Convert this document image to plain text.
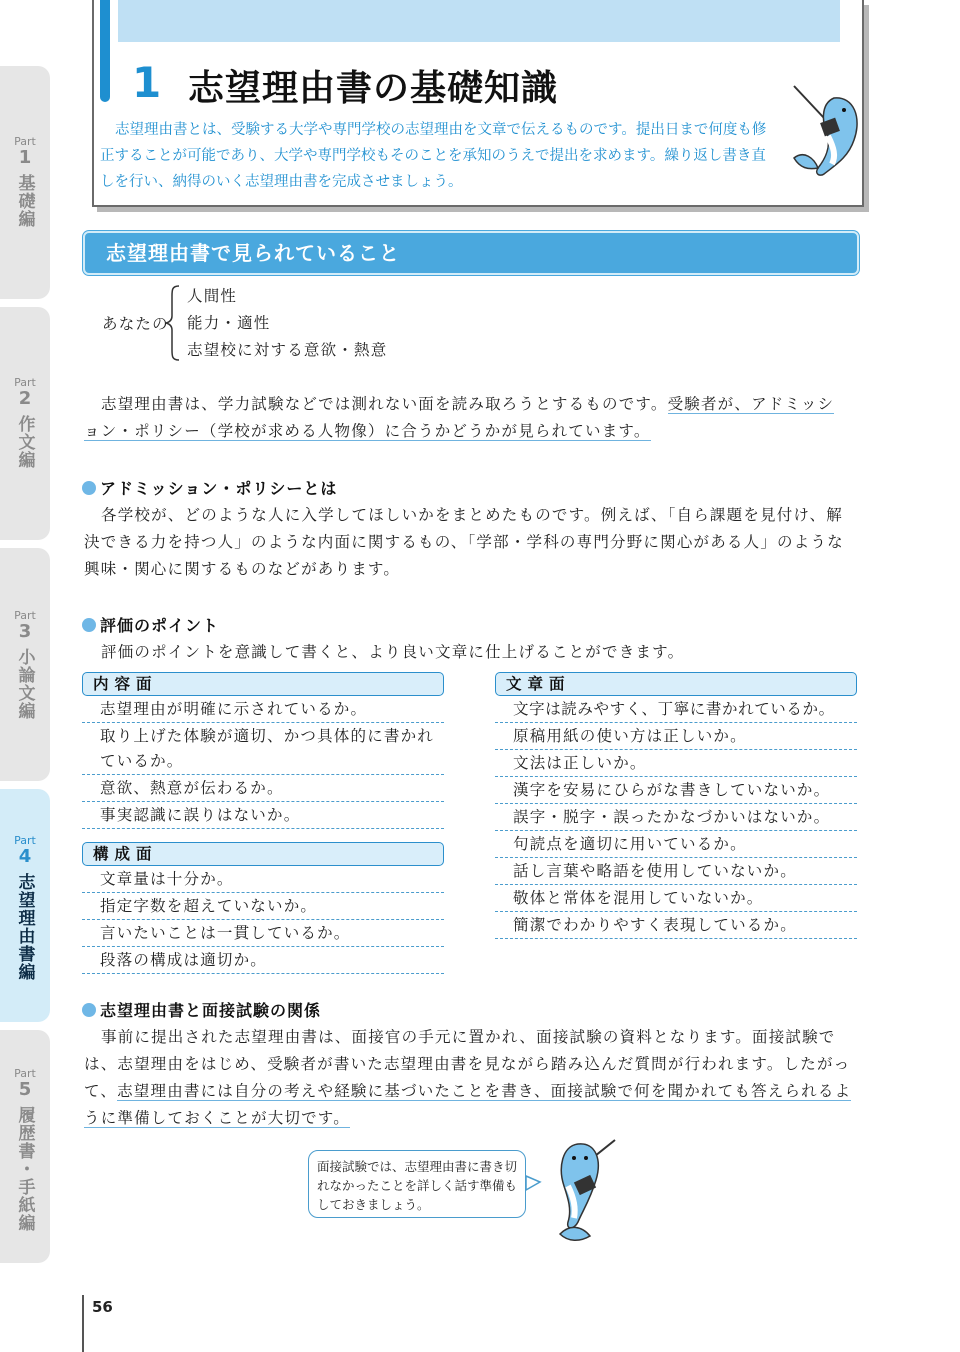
Part
1
基礎編
Part
2
作文編
Part
3
小論文編
Part
4
志望理由書編
Part
5
履歴書・手紙編
1 志望理由書の基礎知識
志望理由書とは、受験する大学や専門学校の志望理由を文章で伝えるものです。提出日まで何度も修正することが可能であり、大学や専門学校もそのことを承知のうえで提出を求めます。繰り返し書き直しを行い、納得のいく志望理由書を完成させましょう。
志望理由書で見られていること
あなたの
人間性
能力・適性
志望校に対する意欲・熱意
志望理由書は、学力試験などでは測れない面を読み取ろうとするものです。受験者が、アドミッシ
ョン・ポリシー（学校が求める人物像）に合うかどうかが見られています。
アドミッション・ポリシーとは
各学校が、どのような人に入学してほしいかをまとめたものです。例えば、「自ら課題を見付け、解決できる力を持つ人」のような内面に関するもの、「学部・学科の専門分野に関心がある人」のような興味・関心に関するものなどがあります。
評価のポイント
評価のポイントを意識して書くと、より良い文章に仕上げることができます。
内容面
志望理由が明確に示されているか。
取り上げた体験が適切、かつ具体的に書かれているか。
意欲、熱意が伝わるか。
事実認識に誤りはないか。
構成面
文章量は十分か。
指定字数を超えていないか。
言いたいことは一貫しているか。
段落の構成は適切か。
文章面
文字は読みやすく、丁寧に書かれているか。
原稿用紙の使い方は正しいか。
文法は正しいか。
漢字を安易にひらがな書きしていないか。
誤字・脱字・誤ったかなづかいはないか。
句読点を適切に用いているか。
話し言葉や略語を使用していないか。
敬体と常体を混用していないか。
簡潔でわかりやすく表現しているか。
志望理由書と面接試験の関係
事前に提出された志望理由書は、面接官の手元に置かれ、面接試験の資料となります。面接試験では、志望理由をはじめ、受験者が書いた志望理由書を見ながら踏み込んだ質問が行われます。したがって、志望理由書には自分の考えや経験に基づいたことを書き、面接試験で何を聞かれても答えられるように準備しておくことが大切です。
面接試験では、志望理由書に書き切れなかったことを詳しく話す準備もしておきましょう。
56
